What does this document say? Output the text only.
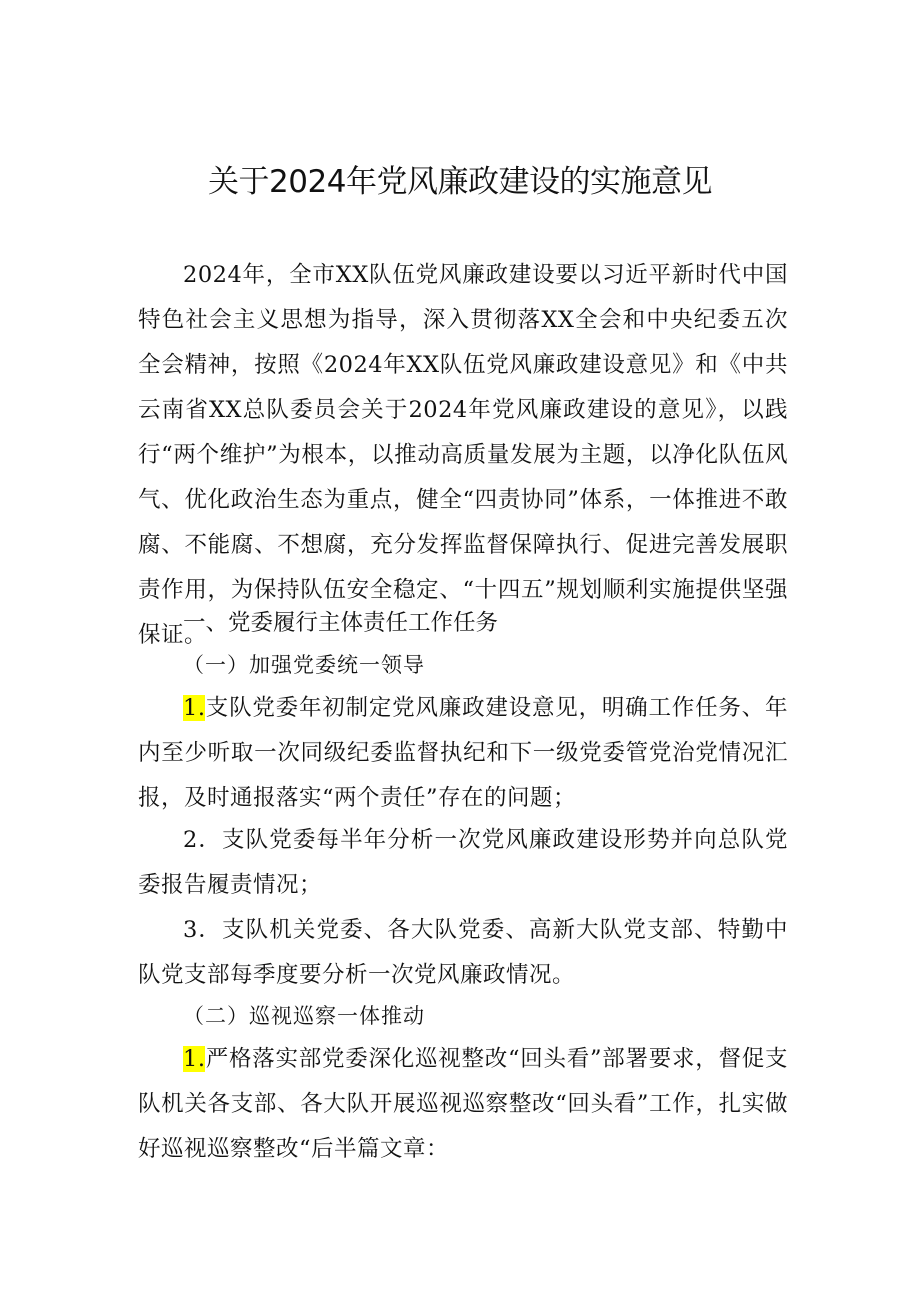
关于2024年党风廉政建设的实施意见

2024年，全市XX队伍党风廉政建设要以习近平新时代中国特色社会主义思想为指导，深入贯彻落XX全会和中央纪委五次全会精神，按照《2024年XX队伍党风廉政建设意见》和《中共云南省XX总队委员会关于2024年党风廉政建设的意见》，以践行“两个维护”为根本，以推动高质量发展为主题，以净化队伍风气、优化政治生态为重点，健全“四责协同”体系，一体推进不敢腐、不能腐、不想腐，充分发挥监督保障执行、促进完善发展职责作用，为保持队伍安全稳定、“十四五”规划顺利实施提供坚强保证。

一、党委履行主体责任工作任务
（一）加强党委统一领导

1.支队党委年初制定党风廉政建设意见，明确工作任务、年内至少听取一次同级纪委监督执纪和下一级党委管党治党情况汇报，及时通报落实“两个责任”存在的问题；

2．支队党委每半年分析一次党风廉政建设形势并向总队党委报告履责情况；

3．支队机关党委、各大队党委、高新大队党支部、特勤中队党支部每季度要分析一次党风廉政情况。

（二）巡视巡察一体推动

1.严格落实部党委深化巡视整改“回头看”部署要求，督促支队机关各支部、各大队开展巡视巡察整改“回头看”工作，扎实做好巡视巡察整改“后半篇文章：
